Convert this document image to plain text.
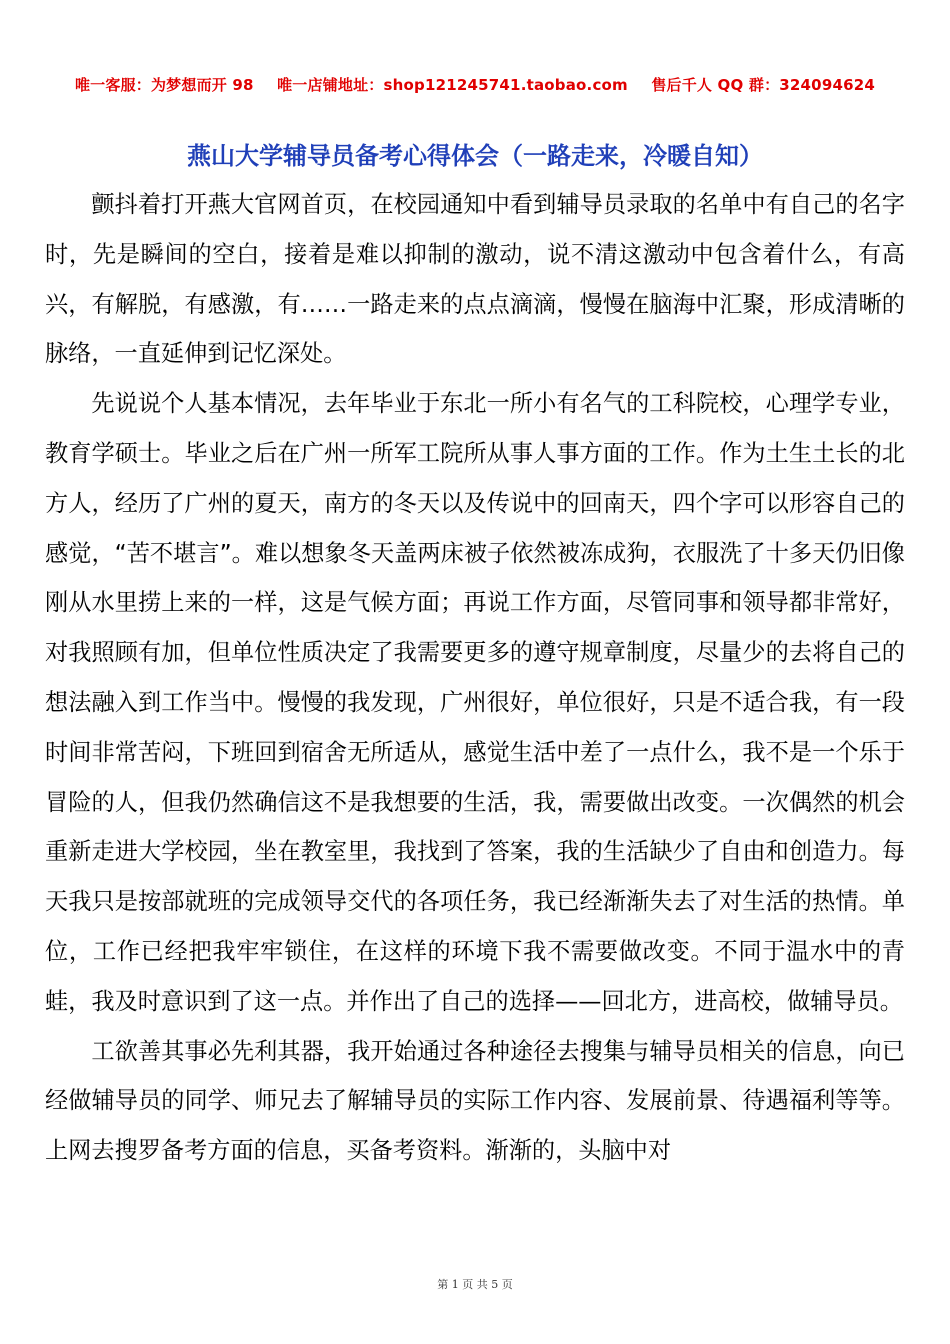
唯一客服：为梦想而开 98 唯一店铺地址：shop121245741.taobao.com 售后千人 QQ 群：324094624
燕山大学辅导员备考心得体会（一路走来，冷暖自知）

颤抖着打开燕大官网首页，在校园通知中看到辅导员录取的名单中有自己的名字时，先是瞬间的空白，接着是难以抑制的激动，说不清这激动中包含着什么，有高兴，有解脱，有感激，有……一路走来的点点滴滴，慢慢在脑海中汇聚，形成清晰的脉络，一直延伸到记忆深处。

先说说个人基本情况，去年毕业于东北一所小有名气的工科院校，心理学专业，教育学硕士。毕业之后在广州一所军工院所从事人事方面的工作。作为土生土长的北方人，经历了广州的夏天，南方的冬天以及传说中的回南天，四个字可以形容自己的感觉，“苦不堪言”。难以想象冬天盖两床被子依然被冻成狗，衣服洗了十多天仍旧像刚从水里捞上来的一样，这是气候方面；再说工作方面，尽管同事和领导都非常好，对我照顾有加，但单位性质决定了我需要更多的遵守规章制度，尽量少的去将自己的想法融入到工作当中。慢慢的我发现，广州很好，单位很好，只是不适合我，有一段时间非常苦闷，下班回到宿舍无所适从，感觉生活中差了一点什么，我不是一个乐于冒险的人，但我仍然确信这不是我想要的生活，我，需要做出改变。一次偶然的机会重新走进大学校园，坐在教室里，我找到了答案，我的生活缺少了自由和创造力。每天我只是按部就班的完成领导交代的各项任务，我已经渐渐失去了对生活的热情。单位，工作已经把我牢牢锁住，在这样的环境下我不需要做改变。不同于温水中的青蛙，我及时意识到了这一点。并作出了自己的选择——回北方，进高校，做辅导员。

工欲善其事必先利其器，我开始通过各种途径去搜集与辅导员相关的信息，向已经做辅导员的同学、师兄去了解辅导员的实际工作内容、发展前景、待遇福利等等。上网去搜罗备考方面的信息，买备考资料。渐渐的，头脑中对

第 1 页 共 5 页
